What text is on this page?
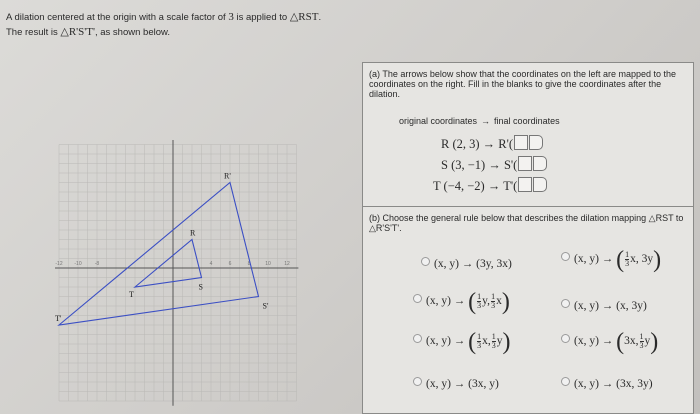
A dilation centered at the origin with a scale factor of 3 is applied to △RST.
The result is △R'S'T', as shown below.
-12 -10	-8	4	6	8	10	12
R
S
T
R'
S'
T'
(a) The arrows below show that the coordinates on the left are mapped to the coordinates on the right. Fill in the blanks to give the coordinates after the dilation.
original coordinates → final coordinates
R (2, 3) → R'(
S (3, −1) → S'(
T (−4, −2) → T'(
(b) Choose the general rule below that describes the dilation mapping △RST to △R'S'T'.
(x, y) → (3y, 3x)	(x, y) → ( $\frac{1}{3} x$, 3y)
(x, y) → ( $\frac{1}{3} y$, $\frac{1}{3} x$)	(x, y) → (x, 3y)
(x, y) → ( $\frac{1}{3} x$, $\frac{1}{3} y$)	(x, y) → (3x, $\frac{1}{3} y$)
(x, y) → (3x, y)	(x, y) → (3x, 3y)
